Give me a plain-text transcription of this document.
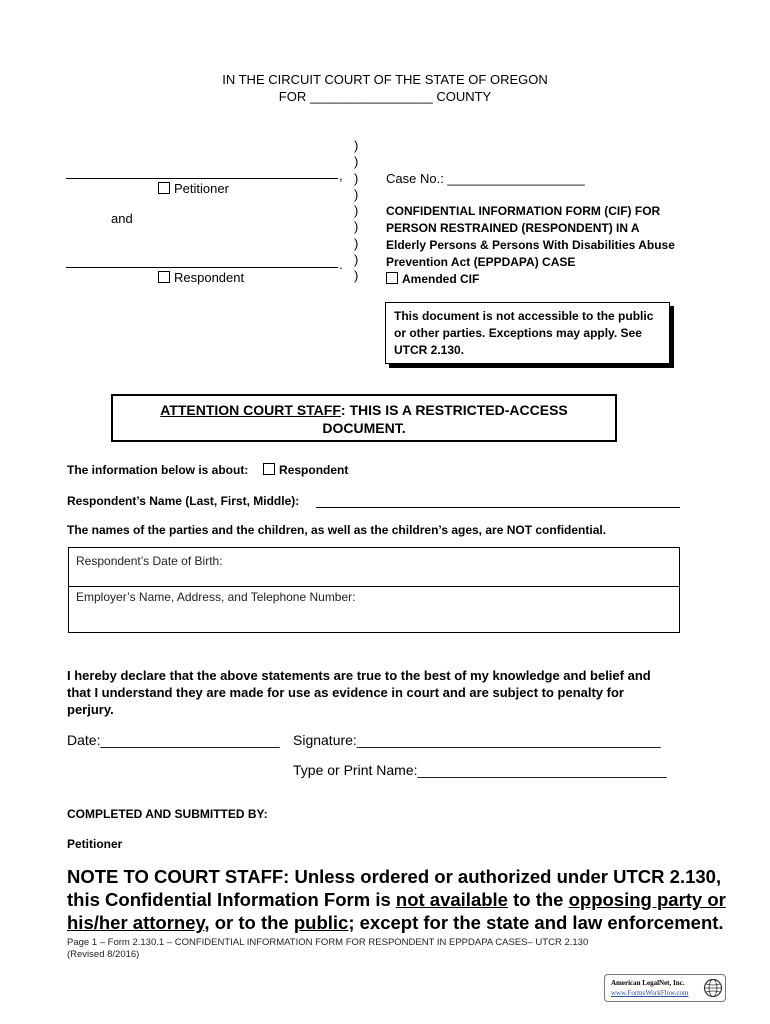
IN THE CIRCUIT COURT OF THE STATE OF OREGON
FOR _________________ COUNTY
)
)
)
)
)
)
)
)
)
,
Petitioner
and
.
Respondent
Case No.: ___________________
CONFIDENTIAL INFORMATION FORM (CIF) FOR
PERSON RESTRAINED (RESPONDENT) IN A
Elderly Persons & Persons With Disabilities Abuse
Prevention Act (EPPDAPA) CASE
Amended CIF
This document is not accessible to the public
or other parties. Exceptions may apply. See
UTCR 2.130.
ATTENTION COURT STAFF: THIS IS A RESTRICTED-ACCESS
DOCUMENT.
The information below is about:	Respondent
Respondent’s Name (Last, First, Middle):
The names of the parties and the children, as well as the children’s ages, are NOT confidential.
Respondent’s Date of Birth:
Employer’s Name, Address, and Telephone Number:
I hereby declare that the above statements are true to the best of my knowledge and belief and
that I understand they are made for use as evidence in court and are subject to penalty for
perjury.
Date:_______________________ Signature:_______________________________________
Type or Print Name:________________________________
COMPLETED AND SUBMITTED BY:
Petitioner
NOTE TO COURT STAFF: Unless ordered or authorized under UTCR 2.130,
this Confidential Information Form is not available to the opposing party or
his/her attorney, or to the public; except for the state and law enforcement.
Page 1 – Form 2.130.1 – CONFIDENTIAL INFORMATION FORM FOR RESPONDENT IN EPPDAPA CASES– UTCR 2.130
(Revised 8/2016)
American LegalNet, Inc.
www.FormsWorkFlow.com
